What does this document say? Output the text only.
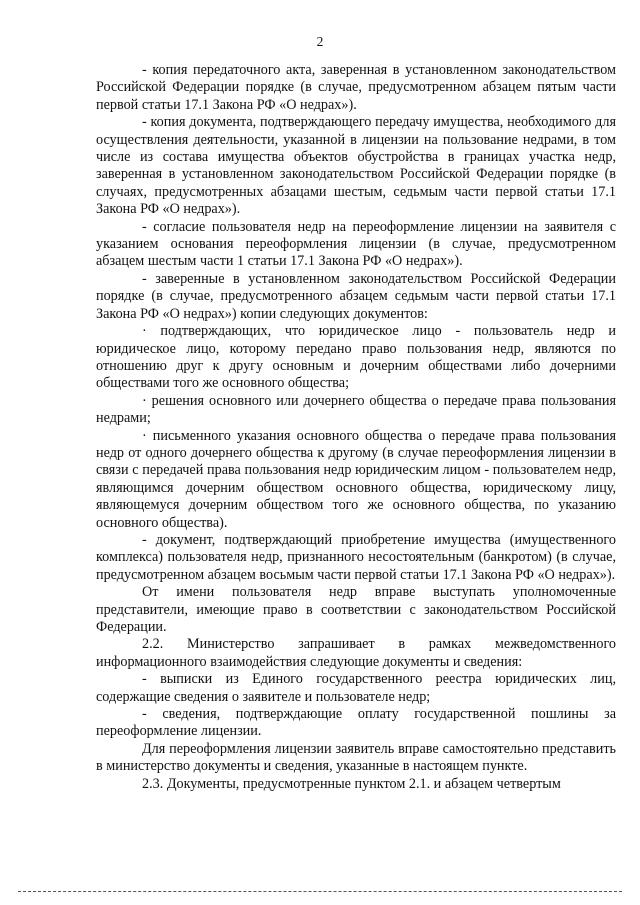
2

- копия передаточного акта, заверенная в установленном законодательством Российской Федерации порядке (в случае, предусмотренном абзацем пятым части первой статьи 17.1 Закона РФ «О недрах»).

- копия документа, подтверждающего передачу имущества, необходимого для осуществления деятельности, указанной в лицензии на пользование недрами, в том числе из состава имущества объектов обустройства в границах участка недр, заверенная в установленном законодательством Российской Федерации порядке (в случаях, предусмотренных абзацами шестым, седьмым части первой статьи 17.1 Закона РФ «О недрах»).

- согласие пользователя недр на переоформление лицензии на заявителя с указанием основания переоформления лицензии (в случае, предусмотренном абзацем шестым части 1 статьи 17.1 Закона РФ «О недрах»).

- заверенные в установленном законодательством Российской Федерации порядке (в случае, предусмотренного абзацем седьмым части первой статьи 17.1 Закона РФ «О недрах») копии следующих документов:

· подтверждающих, что юридическое лицо - пользователь недр и юридическое лицо, которому передано право пользования недр, являются по отношению друг к другу основным и дочерним обществами либо дочерними обществами того же основного общества;

· решения основного или дочернего общества о передаче права пользования недрами;

· письменного указания основного общества о передаче права пользования недр от одного дочернего общества к другому (в случае переоформления лицензии в связи с передачей права пользования недр юридическим лицом - пользователем недр, являющимся дочерним обществом основного общества, юридическому лицу, являющемуся дочерним обществом того же основного общества, по указанию основного общества).

- документ, подтверждающий приобретение имущества (имущественного комплекса) пользователя недр, признанного несостоятельным (банкротом) (в случае, предусмотренном абзацем восьмым части первой статьи 17.1 Закона РФ «О недрах»).

От имени пользователя недр вправе выступать уполномоченные представители, имеющие право в соответствии с законодательством Российской Федерации.

2.2. Министерство запрашивает в рамках межведомственного информационного взаимодействия следующие документы и сведения:

- выписки из Единого государственного реестра юридических лиц, содержащие сведения о заявителе и пользователе недр;

- сведения, подтверждающие оплату государственной пошлины за переоформление лицензии.

Для переоформления лицензии заявитель вправе самостоятельно представить в министерство документы и сведения, указанные в настоящем пункте.

2.3. Документы, предусмотренные пунктом 2.1. и абзацем четвертым
